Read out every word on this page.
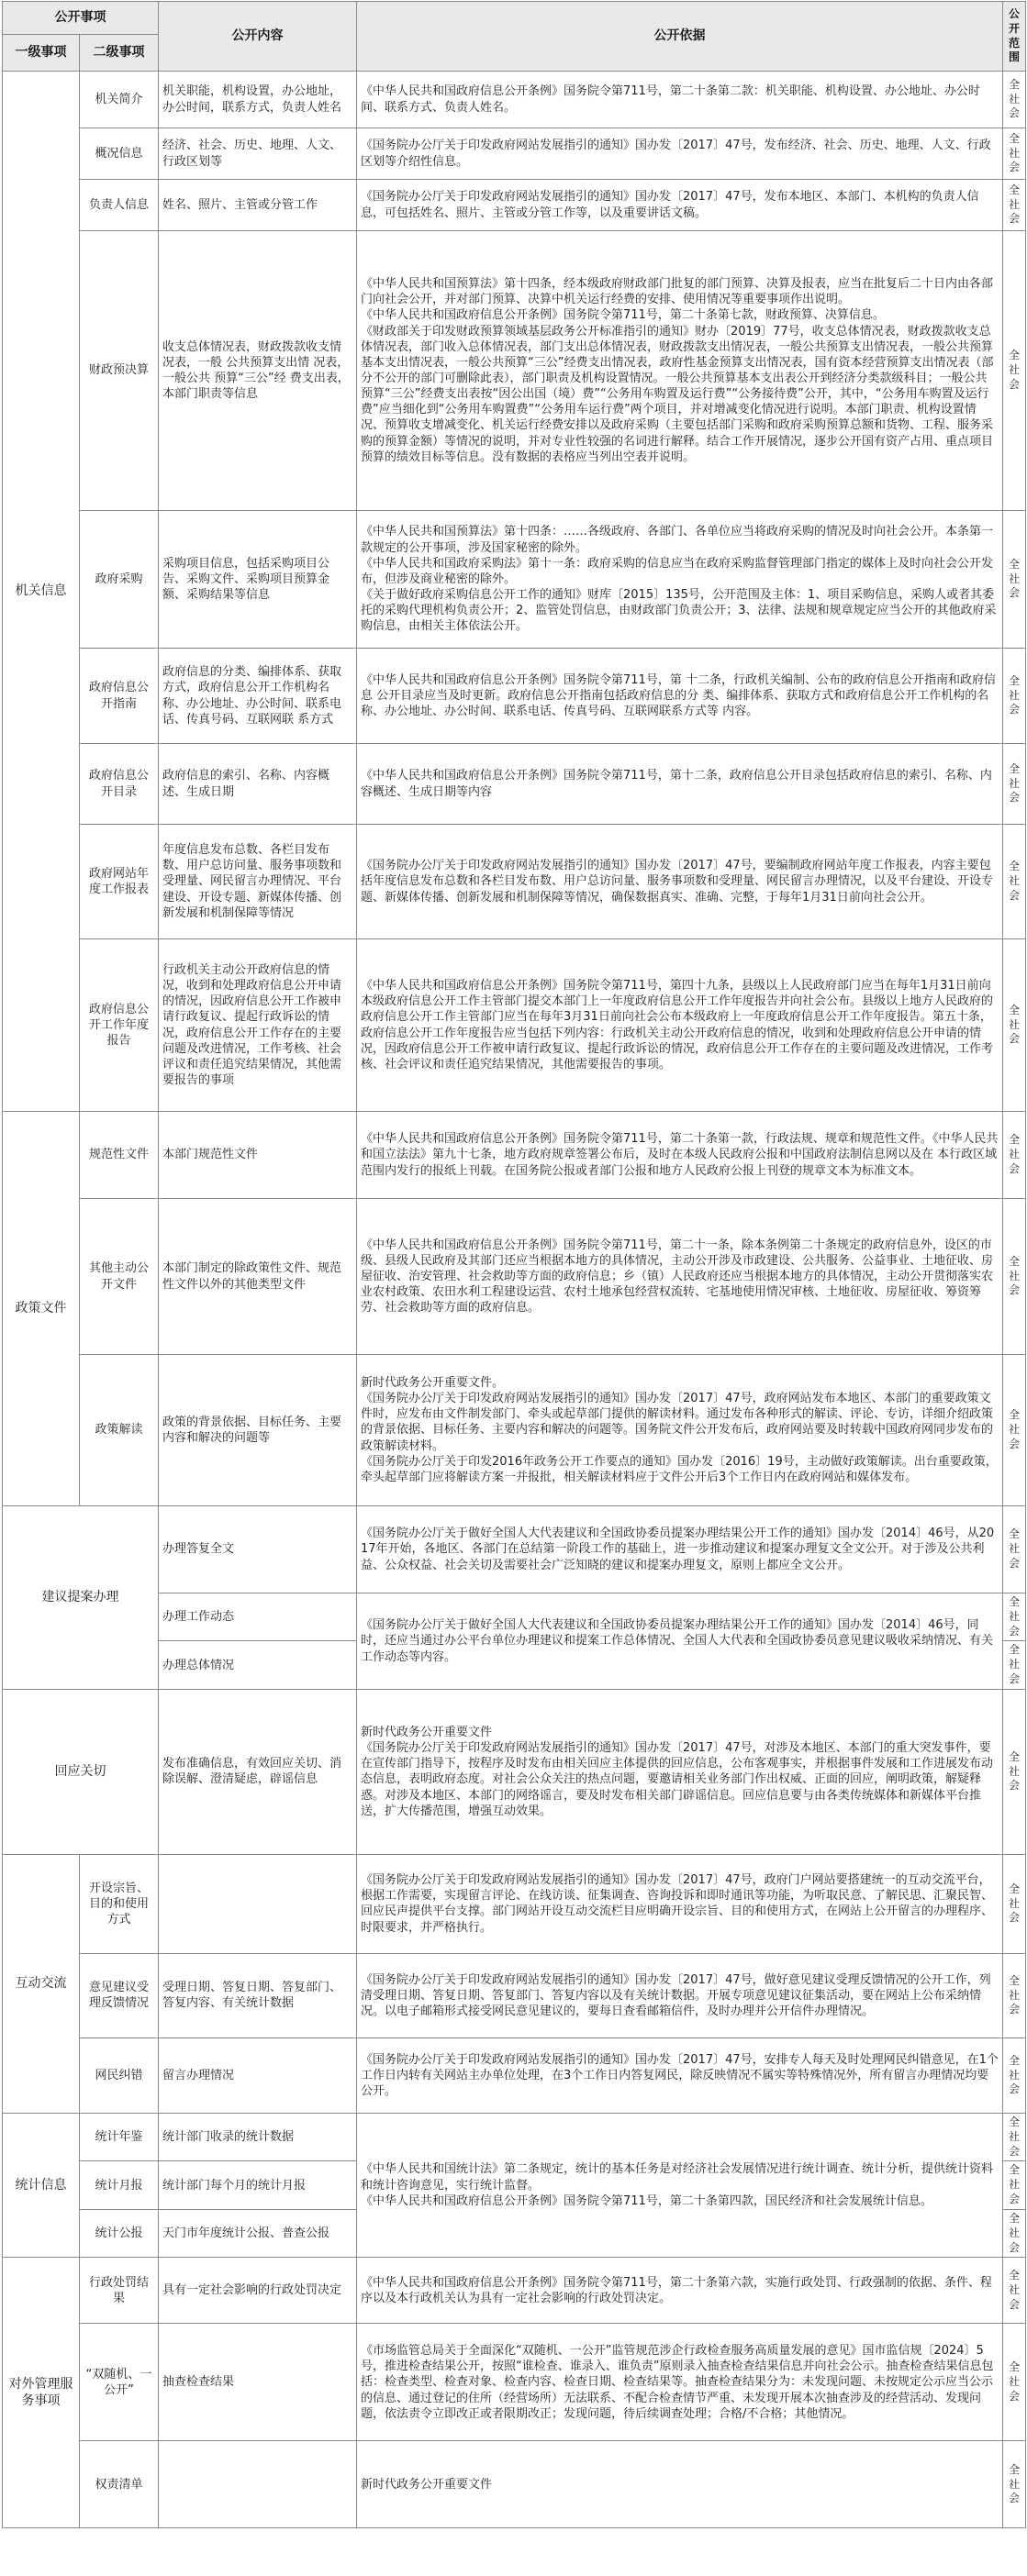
公开事项		公开内容	公开依据	公开范围
一级事项	二级事项			
机关信息	机关简介	机关职能，机构设置，办公地址，办公时间，联系方式，负责人姓名	《中华人民共和国政府信息公开条例》国务院令第711号，第二十条第二款：机关职能、机构设置、办公地址、办公时间、联系方式、负责人姓名。	全社会
	概况信息	经济、社会、历史、地理、人文、行政区划等	《国务院办公厅关于印发政府网站发展指引的通知》国办发〔2017〕47号，发布经济、社会、历史、地理、人文、行政 区划等介绍性信息。	全社会
	负责人信息	姓名、照片、主管或分管工作	《国务院办公厅关于印发政府网站发展指引的通知》国办发〔2017〕47号，发布本地区、本部门、本机构的负责人信息，可包括姓名、照片、主管或分管工作等，以及重要讲话文稿。	全社会
	财政预决算	收支总体情况表，财政拨款收支情况表，一般 公共预算支出情 况表，一般公共 预算“三公”经 费支出表，本部门职责等信息	《中华人民共和国预算法》第十四条，经本级政府财政部门批复的部门预算、决算及报表，应当在批复后二十日内由各部门向社会公开，并对部门预算、决算中机关运行经费的安排、使用情况等重要事项作出说明。
《中华人民共和国政府信息公开条例》国务院令第711号，第二十条第七款，财政预算、决算信息。
《财政部关于印发财政预算领域基层政务公开标准指引的通知》财办〔2019〕77号，收支总体情况表，财政拨款收支总体情况表，部门收入总体情况表，部门支出总体情况表，财政拨款支出情况表，一般公共预算支出情况表，一般公共预算基本支出情况表，一般公共预算“三公”经费支出情况表，政府性基金预算支出情况表，国有资本经营预算支出情况表（部分不公开的部门可删除此表），部门职责及机构设置情况。一般公共预算基本支出表公开到经济分类款级科目；一般公共预算“三公”经费支出表按“因公出国（境）费”“公务用车购置及运行费”“公务接待费”公开，其中，“公务用车购置及运行费”应当细化到“公务用车购置费”“公务用车运行费”两个项目，并对增减变化情况进行说明。本部门职责、机构设置情况、预算收支增减变化、机关运行经费安排以及政府采购（主要包括部门采购和政府采购预算总额和货物、工程、服务采购的预算金额）等情况的说明，并对专业性较强的名词进行解释。结合工作开展情况，逐步公开国有资产占用、重点项目预算的绩效目标等信息。没有数据的表格应当列出空表并说明。	全社会
	政府采购	采购项目信息，包括采购项目公告、采购文件、采购项目预算金额、采购结果等信息	《中华人民共和国预算法》第十四条：……各级政府、各部门、各单位应当将政府采购的情况及时向社会公开。本条第一款规定的公开事项，涉及国家秘密的除外。
《中华人民共和国政府采购法》第十一条：政府采购的信息应当在政府采购监督管理部门指定的媒体上及时向社会公开发布，但涉及商业秘密的除外。
《关于做好政府采购信息公开工作的通知》财库〔2015〕135号，公开范围及主体：1、项目采购信息，采购人或者其委托的采购代理机构负责公开；2、监管处罚信息，由财政部门负责公开；3、法律、法规和规章规定应当公开的其他政府采购信息，由相关主体依法公开。	全社会
	政府信息公开指南	政府信息的分类、编排体系、获取方式，政府信息公开工作机构名称、办公地址、办公时间、联系电话、传真号码、互联网联 系方式	《中华人民共和国政府信息公开条例》国务院令第711号，第 十二条，行政机关编制、公布的政府信息公开指南和政府信息 公开目录应当及时更新。政府信息公开指南包括政府信息的分 类、编排体系、获取方式和政府信息公开工作机构的名称、办公地址、办公时间、联系电话、传真号码、互联网联系方式等 内容。	全社会
	政府信息公开目录	政府信息的索引、名称、内容概述、生成日期	《中华人民共和国政府信息公开条例》国务院令第711号，第十二条，政府信息公开目录包括政府信息的索引、名称、内容概述、生成日期等内容	全社会
	政府网站年度工作报表	年度信息发布总数、各栏目发布数、用户总访问量、服务事项数和受理量、网民留言办理情况、平台建设、开设专题、新媒体传播、创新发展和机制保障等情况	《国务院办公厅关于印发政府网站发展指引的通知》国办发〔2017〕47号，要编制政府网站年度工作报表，内容主要包括年度信息发布总数和各栏目发布数、用户总访问量、服务事项数和受理量、网民留言办理情况，以及平台建设、开设专题、新媒体传播、创新发展和机制保障等情况，确保数据真实、准确、完整，于每年1月31日前向社会公开。	全社会
	政府信息公开工作年度报告	行政机关主动公开政府信息的情况，收到和处理政府信息公开申请的情况，因政府信息公开工作被申请行政复议、提起行政诉讼的情况，政府信息公开工作存在的主要问题及改进情况，工作考核、社会评议和责任追究结果情况，其他需要报告的事项	《中华人民共和国政府信息公开条例》国务院令第711号，第四十九条，县级以上人民政府部门应当在每年1月31日前向本级政府信息公开工作主管部门提交本部门上一年度政府信息公开工作年度报告并向社会公布。县级以上地方人民政府的政府信息公开工作主管部门应当在每年3月31日前向社会公布本级政府上一年度政府信息公开工作年度报告。第五十条，政府信息公开工作年度报告应当包括下列内容：行政机关主动公开政府信息的情况，收到和处理政府信息公开申请的情况，因政府信息公开工作被申请行政复议、提起行政诉讼的情况，政府信息公开工作存在的主要问题及改进情况，工作考核、社会评议和责任追究结果情况，其他需要报告的事项。	全社会
政策文件	规范性文件	本部门规范性文件	《中华人民共和国政府信息公开条例》国务院令第711号，第二十条第一款，行政法规、规章和规范性文件。《中华人民共和国立法法》第九十七条，地方政府规章签署公布后，及时在本级人民政府公报和中国政府法制信息网以及在 本行政区域范围内发行的报纸上刊载。在国务院公报或者部门公报和地方人民政府公报上刊登的规章文本为标准文本。	全社会
	其他主动公开文件	本部门制定的除政策性文件、规范性文件以外的其他类型文件	《中华人民共和国政府信息公开条例》国务院令第711号，第二十一条，除本条例第二十条规定的政府信息外，设区的市级、县级人民政府及其部门还应当根据本地方的具体情况，主动公开涉及市政建设、公共服务、公益事业、土地征收、房屋征收、治安管理、社会救助等方面的政府信息；乡（镇）人民政府还应当根据本地方的具体情况，主动公开贯彻落实农业农村政策、农田水利工程建设运营、农村土地承包经营权流转、宅基地使用情况审核、土地征收、房屋征收、筹资筹劳、社会救助等方面的政府信息。	全社会
	政策解读	政策的背景依据、目标任务、主要内容和解决的问题等	新时代政务公开重要文件。
《国务院办公厅关于印发政府网站发展指引的通知》国办发〔2017〕47号，政府网站发布本地区、本部门的重要政策文件时，应发布由文件制发部门、牵头或起草部门提供的解读材料。通过发布各种形式的解读、评论、专访，详细介绍政策的背景依据、目标任务、主要内容和解决的问题等。国务院文件公开发布后，政府网站要及时转载中国政府网同步发布的政策解读材料。
《国务院办公厅关于印发2016年政务公开工作要点的通知》国办发〔2016〕19号，主动做好政策解读。出台重要政策，牵头起草部门应将解读方案一并报批，相关解读材料应于文件公开后3个工作日内在政府网站和媒体发布。	全社会
建议提案办理		办理答复全文	《国务院办公厅关于做好全国人大代表建议和全国政协委员提案办理结果公开工作的通知》国办发〔2014〕46号，从2017年开始，各地区、各部门在总结第一阶段工作的基础上，进一步推动建议和提案办理复文全文公开。对于涉及公共利益、公众权益、社会关切及需要社会广泛知晓的建议和提案办理复文，原则上都应全文公开。	全社会
		办理工作动态	《国务院办公厅关于做好全国人大代表建议和全国政协委员提案办理结果公开工作的通知》国办发〔2014〕46号，同时，还应当通过办公平台单位办理建议和提案工作总体情况、全国人大代表和全国政协委员意见建议吸收采纳情况、有关工作动态等内容。	全社会
		办理总体情况		全社会
回应关切		发布准确信息，有效回应关切、消除误解、澄清疑虑，辟谣信息	新时代政务公开重要文件
《国务院办公厅关于印发政府网站发展指引的通知》国办发〔2017〕47号，对涉及本地区、本部门的重大突发事件，要在宣传部门指导下，按程序及时发布由相关回应主体提供的回应信息，公布客观事实，并根据事件发展和工作进展发布动态信息，表明政府态度。对社会公众关注的热点问题，要邀请相关业务部门作出权威、正面的回应，阐明政策，解疑释惑。对涉及本地区、本部门的网络谣言，要及时发布相关部门辟谣信息。回应信息要与由各类传统媒体和新媒体平台推送，扩大传播范围，增强互动效果。	全社会
互动交流	开设宗旨、目的和使用方式		《国务院办公厅关于印发政府网站发展指引的通知》国办发〔2017〕47号，政府门户网站要搭建统一的互动交流平台，根据工作需要，实现留言评论、在线访谈、征集调查、咨询投诉和即时通讯等功能，为听取民意、了解民思、汇聚民智、回应民声提供平台支撑。部门网站开设互动交流栏目应明确开设宗旨、目的和使用方式，在网站上公开留言的办理程序、时限要求，并严格执行。	全社会
	意见建议受理反馈情况	受理日期、答复日期、答复部门、答复内容、有关统计数据	《国务院办公厅关于印发政府网站发展指引的通知》国办发〔2017〕47号，做好意见建议受理反馈情况的公开工作，列清受理日期、答复日期、答复部门、答复内容以及有关统计数据。开展专项意见建议征集活动，要在网站上公布采纳情况。以电子邮箱形式接受网民意见建议的，要每日查看邮箱信件，及时办理并公开信件办理情况。	全社会
	网民纠错	留言办理情况	《国务院办公厅关于印发政府网站发展指引的通知》国办发〔2017〕47号，安排专人每天及时处理网民纠错意见，在1个工作日内转有关网站主办单位处理，在3个工作日内答复网民，除反映情况不属实等特殊情况外，所有留言办理情况均要公开。	全社会
统计信息	统计年鉴	统计部门收录的统计数据	《中华人民共和国统计法》第二条规定，统计的基本任务是对经济社会发展情况进行统计调查、统计分析，提供统计资料和统计咨询意见，实行统计监督。
《中华人民共和国政府信息公开条例》国务院令第711号，第二十条第四款，国民经济和社会发展统计信息。	全社会
	统计月报	统计部门每个月的统计月报		全社会
	统计公报	天门市年度统计公报、普查公报		全社会
对外管理服务事项	行政处罚结果	具有一定社会影响的行政处罚决定	《中华人民共和国政府信息公开条例》国务院令第711号，第二十条第六款，实施行政处罚、行政强制的依据、条件、程序以及本行政机关认为具有一定社会影响的行政处罚决定。	全社会
	“双随机、一公开”	抽查检查结果	《市场监管总局关于全面深化“双随机、一公开”监管规范涉企行政检查服务高质量发展的意见》国市监信规〔2024〕5号，推进检查结果公开，按照“谁检查、谁录入、谁负责”原则录入抽查检查结果信息并向社会公示。抽查检查结果信息包括：检查类型、检查对象、检查内容、检查日期、检查结果等。抽查检查结果分为：未发现问题、未按规定公示应当公示的信息、通过登记的住所（经营场所）无法联系、不配合检查情节严重、未发现开展本次抽查涉及的经营活动、发现问题，依法责令立即改正或者限期改正；发现问题，待后续调查处理；合格/不合格；其他情况。	全社会
	权责清单		新时代政务公开重要文件	全社会
